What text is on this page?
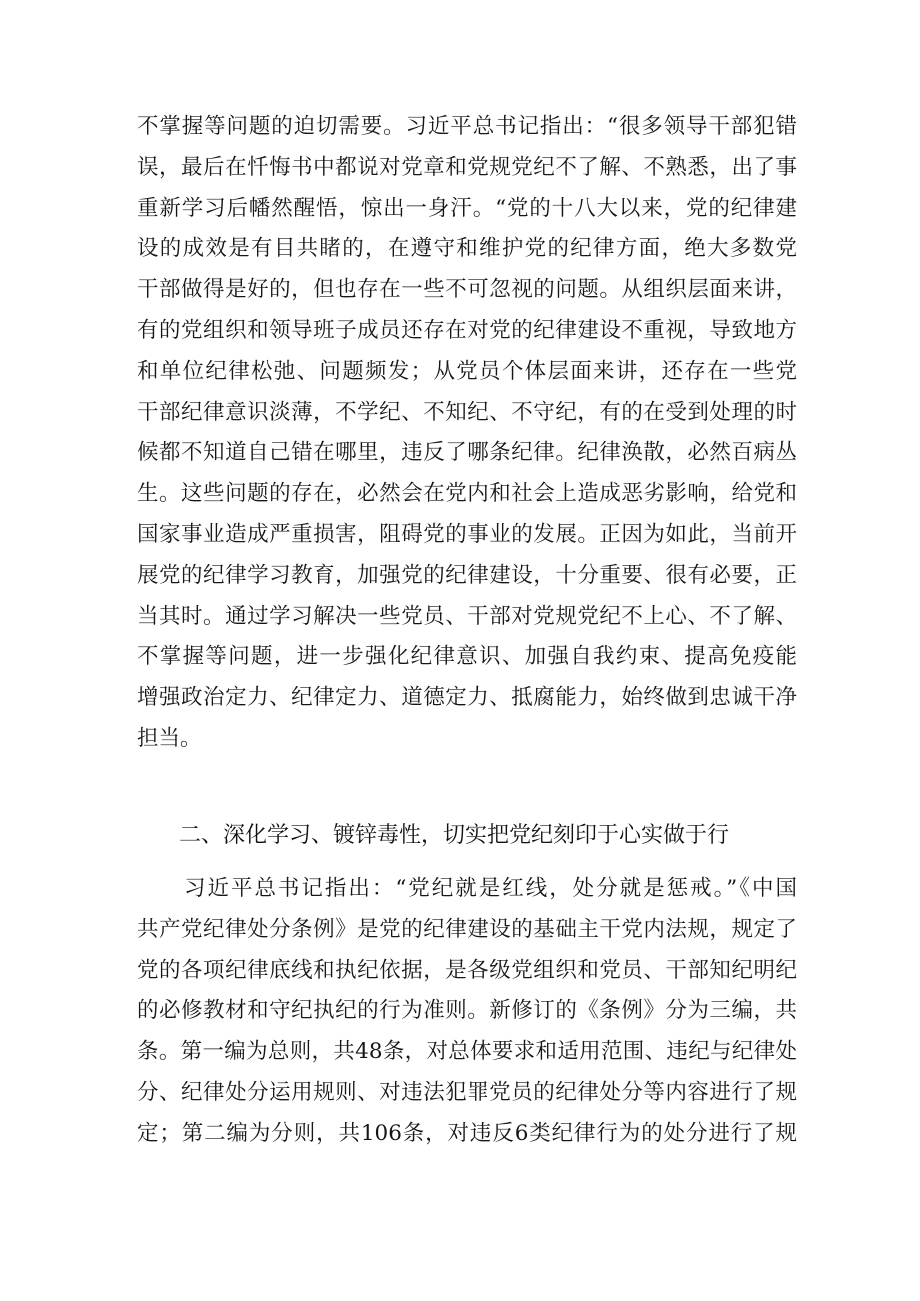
不掌握等问题的迫切需要。习近平总书记指出：“很多领导干部犯错
误，最后在忏悔书中都说对党章和党规党纪不了解、不熟悉，出了事
重新学习后幡然醒悟，惊出一身汗。“党的十八大以来，党的纪律建
设的成效是有目共睹的，在遵守和维护党的纪律方面，绝大多数党
干部做得是好的，但也存在一些不可忽视的问题。从组织层面来讲，
有的党组织和领导班子成员还存在对党的纪律建设不重视，导致地方
和单位纪律松弛、问题频发；从党员个体层面来讲，还存在一些党
干部纪律意识淡薄，不学纪、不知纪、不守纪，有的在受到处理的时
候都不知道自己错在哪里，违反了哪条纪律。纪律涣散，必然百病丛
生。这些问题的存在，必然会在党内和社会上造成恶劣影响，给党和
国家事业造成严重损害，阻碍党的事业的发展。正因为如此，当前开
展党的纪律学习教育，加强党的纪律建设，十分重要、很有必要，正
当其时。通过学习解决一些党员、干部对党规党纪不上心、不了解、
不掌握等问题，进一步强化纪律意识、加强自我约束、提高免疫能
增强政治定力、纪律定力、道德定力、抵腐能力，始终做到忠诚干净
担当。
二、深化学习、镀锌毒性，切实把党纪刻印于心实做于行
习近平总书记指出：“党纪就是红线，处分就是惩戒。”《中国
共产党纪律处分条例》是党的纪律建设的基础主干党内法规，规定了
党的各项纪律底线和执纪依据，是各级党组织和党员、干部知纪明纪
的必修教材和守纪执纪的行为准则。新修订的《条例》分为三编，共
条。第一编为总则，共48条，对总体要求和适用范围、违纪与纪律处
分、纪律处分运用规则、对违法犯罪党员的纪律处分等内容进行了规
定；第二编为分则，共106条，对违反6类纪律行为的处分进行了规
